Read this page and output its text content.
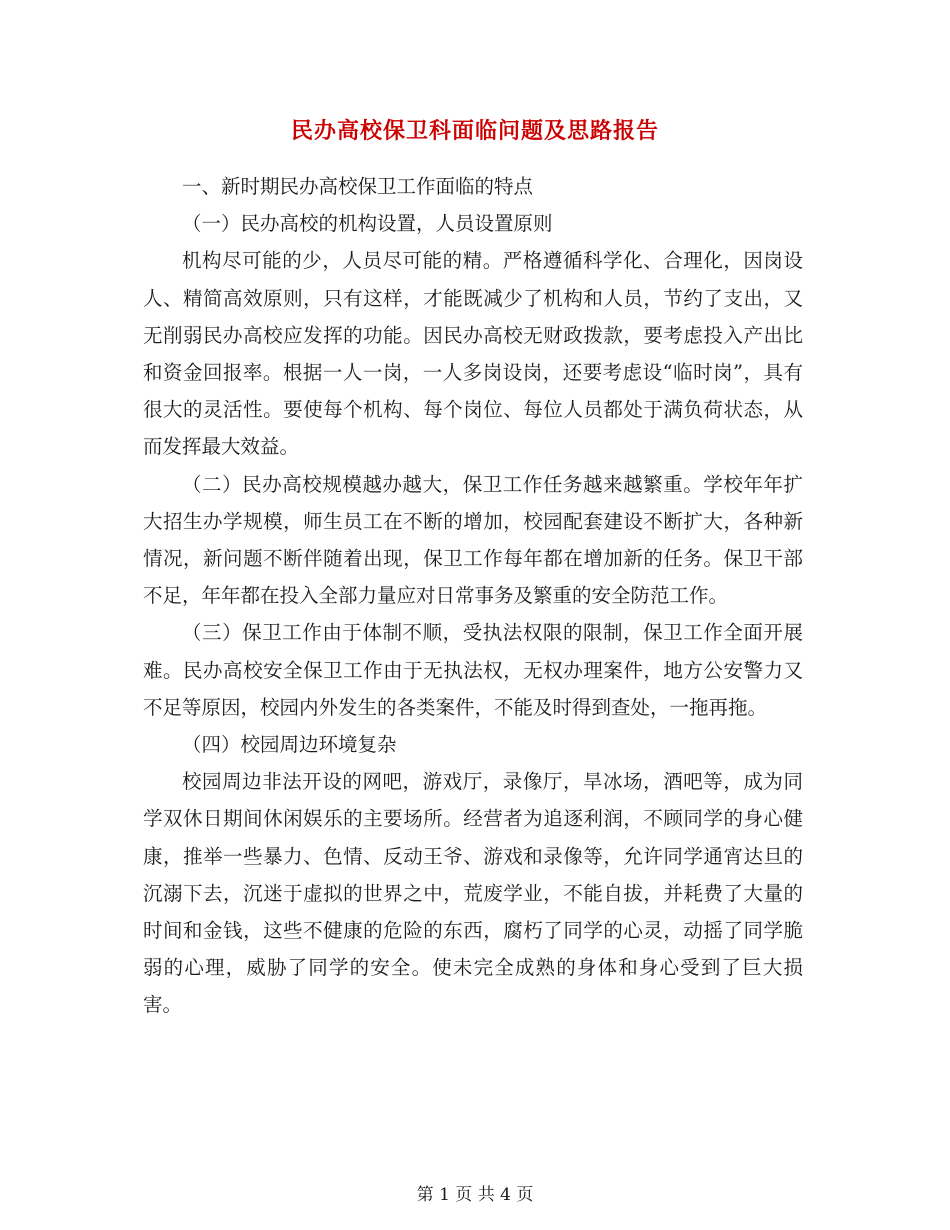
民办高校保卫科面临问题及思路报告

一、新时期民办高校保卫工作面临的特点

（一）民办高校的机构设置，人员设置原则

机构尽可能的少，人员尽可能的精。严格遵循科学化、合理化，因岗设人、精简高效原则，只有这样，才能既减少了机构和人员，节约了支出，又无削弱民办高校应发挥的功能。因民办高校无财政拨款，要考虑投入产出比和资金回报率。根据一人一岗，一人多岗设岗，还要考虑设“临时岗”，具有很大的灵活性。要使每个机构、每个岗位、每位人员都处于满负荷状态，从而发挥最大效益。

（二）民办高校规模越办越大，保卫工作任务越来越繁重。学校年年扩大招生办学规模，师生员工在不断的增加，校园配套建设不断扩大，各种新情况，新问题不断伴随着出现，保卫工作每年都在增加新的任务。保卫干部不足，年年都在投入全部力量应对日常事务及繁重的安全防范工作。

（三）保卫工作由于体制不顺，受执法权限的限制，保卫工作全面开展难。民办高校安全保卫工作由于无执法权，无权办理案件，地方公安警力又不足等原因，校园内外发生的各类案件，不能及时得到查处，一拖再拖。

（四）校园周边环境复杂

校园周边非法开设的网吧，游戏厅，录像厅，旱冰场，酒吧等，成为同学双休日期间休闲娱乐的主要场所。经营者为追逐利润，不顾同学的身心健康，推举一些暴力、色情、反动王爷、游戏和录像等，允许同学通宵达旦的沉溺下去，沉迷于虚拟的世界之中，荒废学业，不能自拔，并耗费了大量的时间和金钱，这些不健康的危险的东西，腐朽了同学的心灵，动摇了同学脆弱的心理，威胁了同学的安全。使未完全成熟的身体和身心受到了巨大损害。

第 1 页 共 4 页
